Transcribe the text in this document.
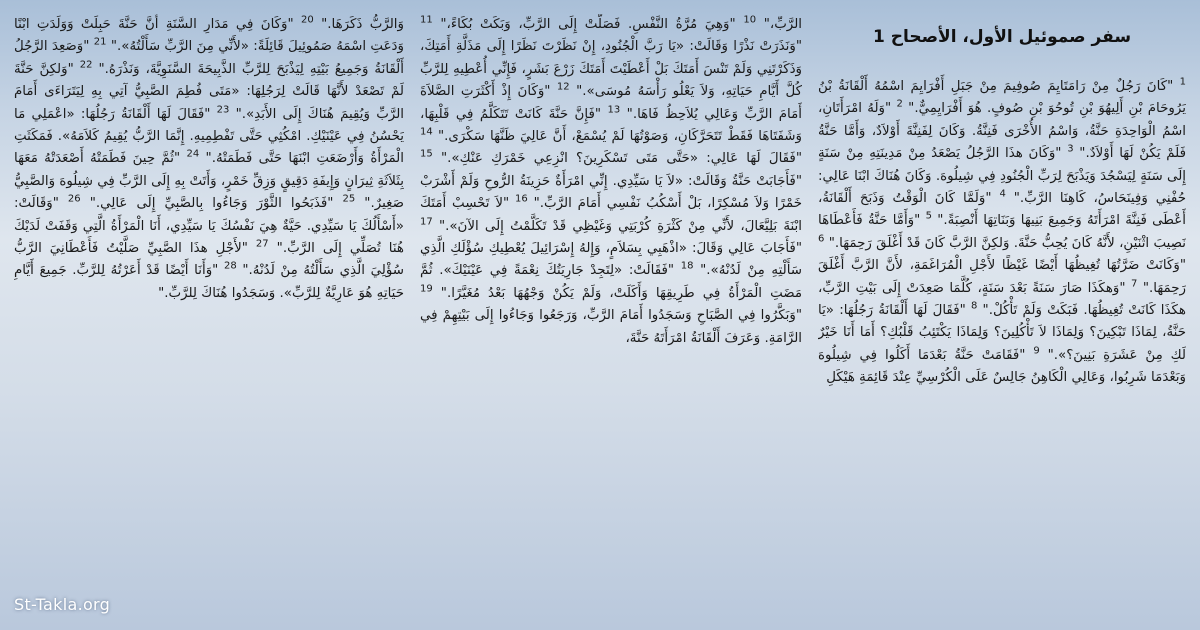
سفر صموئيل الأول، الأصحاح 1
$^1$ "كَانَ رَجُلٌ مِنْ رَامَتَايِمَ صُوفِيمَ مِنْ جَبَلِ أَفْرَايِمَ اسْمُهُ أَلْقَانَةُ بْنُ يَرُوحَامَ بْنِ أَلِيهُوَ بْنِ تُوحُوَ بْنِ صُوفٍ. هُوَ أَفْرَايِمِيٌّ." $^2$ "وَلَهُ امْرَأَتَانِ، اسْمُ الْوَاحِدَةِ حَنَّةُ، وَاسْمُ الأُخْرَى فَنِنَّةُ. وَكَانَ لِفَنِنَّةَ أَوْلاَدٌ، وَأَمَّا حَنَّةُ فَلَمْ يَكُنْ لَهَا أَوْلاَدٌ." $^3$ "وَكَانَ هذَا الرَّجُلُ يَصْعَدُ مِنْ مَدِينَتِهِ مِنْ سَنَةٍ إِلَى سَنَةٍ لِيَسْجُدَ وَيَذْبَحَ لِرَبِّ الْجُنُودِ فِي شِيلُوهَ. وَكَانَ هُنَاكَ ابْنَا عَالِي: حُفْنِي وَفِينَحَاسُ، كَاهِنَا الرَّبِّ." $^4$ "وَلَمَّا كَانَ الْوَقْتُ وَذَبَحَ أَلْقَانَةُ، أَعْطَى فَنِنَّةَ امْرَأَتَهُ وَجَمِيعَ بَنِيهَا وَبَنَاتِهَا أَنْصِبَةً." $^5$ "وَأَمَّا حَنَّةُ فَأَعْطَاهَا نَصِيبَ اثْنَيْنِ، لأَنَّهُ كَانَ يُحِبُّ حَنَّةَ. وَلكِنَّ الرَّبَّ كَانَ قَدْ أَغْلَقَ رَحِمَهَا." $^6$ "وَكَانَتْ ضَرَّتُهَا تُغِيظُهَا أَيْضًا غَيْظًا لأَجْلِ الْمُرَاغَمَةِ، لأَنَّ الرَّبَّ أَغْلَقَ رَحِمَهَا." $^7$ "وَهكَذَا صَارَ سَنَةً بَعْدَ سَنَةٍ، كُلَّمَا صَعِدَتْ إِلَى بَيْتِ الرَّبِّ، هكَذَا كَانَتْ تُغِيظُهَا. فَبَكَتْ وَلَمْ تَأْكُلْ." $^8$ "فَقَالَ لَهَا أَلْقَانَةُ رَجُلُهَا: «يَا حَنَّةُ، لِمَاذَا تَبْكِينَ؟ وَلِمَاذَا لاَ تَأْكُلِينَ؟ وَلِمَاذَا يَكْتَئِبُ قَلْبُكِ؟ أَمَا أَنَا خَيْرٌ لَكِ مِنْ عَشَرَةِ بَنِينَ؟»." $^9$ "فَقَامَتْ حَنَّةُ بَعْدَمَا أَكَلُوا فِي شِيلُوهَ وَبَعْدَمَا شَرِبُوا، وَعَالِي الْكَاهِنُ جَالِسٌ عَلَى الْكُرْسِيِّ عِنْدَ قَائِمَةِ هَيْكَلِ
الرَّبِّ،" $^{10}$ "وَهِيَ مُرَّةُ النَّفْسِ. فَصَلَّتْ إِلَى الرَّبِّ، وَبَكَتْ بُكَاءً،" $^{11}$ "وَنَذَرَتْ نَذْرًا وَقَالَتْ: «يَا رَبَّ الْجُنُودِ، إِنْ نَظَرْتَ نَظَرًا إِلَى مَذَلَّةِ أَمَتِكَ، وَذَكَرْتَنِي وَلَمْ تَنْسَ أَمَتَكَ بَلْ أَعْطَيْتَ أَمَتَكَ زَرْعَ بَشَرٍ، فَإِنِّي أُعْطِيهِ لِلرَّبِّ كُلَّ أَيَّامِ حَيَاتِهِ، وَلاَ يَعْلُو رَأْسَهُ مُوسَى»." $^{12}$ "وَكَانَ إِذْ أَكْثَرَتِ الصَّلاَةَ أَمَامَ الرَّبِّ وَعَالِي يُلاَحِظُ فَاهَا." $^{13}$ "فَإِنَّ حَنَّةَ كَانَتْ تَتَكَلَّمُ فِي قَلْبِهَا، وَشَفَتَاهَا فَقَطْ تَتَحَرَّكَانِ، وَصَوْتُهَا لَمْ يُسْمَعْ، أَنَّ عَالِيَ ظَنَّهَا سَكْرَى." $^{14}$ "فَقَالَ لَهَا عَالِي: «حَتَّى مَتَى تَسْكَرِينَ؟ انْزِعِي خَمْرَكِ عَنْكِ»." $^{15}$ "فَأَجَابَتْ حَنَّةُ وَقَالَتْ: «لاَ يَا سَيِّدِي. إِنِّي امْرَأَةٌ حَزِينَةُ الرُّوحِ وَلَمْ أَشْرَبْ خَمْرًا وَلاَ مُسْكِرًا، بَلْ أَسْكُبُ نَفْسِي أَمَامَ الرَّبِّ." $^{16}$ "لاَ تَحْسِبْ أَمَتَكَ ابْنَةَ بَلِيَّعَالَ، لأَنِّي مِنْ كَثْرَةِ كُرْبَتِي وَغَيْظِي قَدْ تَكَلَّمْتُ إِلَى الآنَ»." $^{17}$ "فَأَجَابَ عَالِي وَقَالَ: «اذْهَبِي بِسَلاَمٍ، وَإِلهُ إِسْرَائِيلَ يُعْطِيكِ سُؤْلَكِ الَّذِي سَأَلْتِهِ مِنْ لَدُنْهُ»." $^{18}$ "فَقَالَتْ: «لِتَجِدْ جَارِيَتُكَ نِعْمَةً فِي عَيْنَيْكَ». ثُمَّ مَضَتِ الْمَرْأَةُ فِي طَرِيقِهَا وَأَكَلَتْ، وَلَمْ يَكُنْ وَجْهُهَا بَعْدُ مُغَيَّرًا." $^{19}$ "وَبَكَّرُوا فِي الصَّبَاحِ وَسَجَدُوا أَمَامَ الرَّبِّ، وَرَجَعُوا وَجَاءُوا إِلَى بَيْتِهِمْ فِي الرَّامَةِ. وَعَرَفَ أَلْقَانَةُ امْرَأَتَهُ حَنَّةَ،
وَالرَّبُّ ذَكَرَهَا." $^{20}$ "وَكَانَ فِي مَدَارِ السَّنَةِ أَنَّ حَنَّةَ حَبِلَتْ وَوَلَدَتِ ابْنًا وَدَعَتِ اسْمَهُ صَمُوئِيلَ قَائِلَةً: «لأَنِّي مِنَ الرَّبِّ سَأَلْتُهُ»." $^{21}$ "وَصَعِدَ الرَّجُلُ أَلْقَانَةُ وَجَمِيعُ بَيْتِهِ لِيَذْبَحَ لِلرَّبِّ الذَّبِيحَةَ السَّنَوِيَّةَ، وَنَذْرَهُ." $^{22}$ "وَلكِنَّ حَنَّةَ لَمْ تَصْعَدْ لأَنَّهَا قَالَتْ لِرَجُلِهَا: «مَتَى فُطِمَ الصَّبِيُّ آتِي بِهِ لِيَتَرَاءَى أَمَامَ الرَّبِّ وَيُقِيمَ هُنَاكَ إِلَى الأَبَدِ»." $^{23}$ "فَقَالَ لَهَا أَلْقَانَةُ رَجُلُهَا: «اعْمَلِي مَا يَحْسُنُ فِي عَيْنَيْكِ. امْكُثِي حَتَّى تَفْطِمِيهِ. إِنَّمَا الرَّبُّ يُقِيمُ كَلاَمَهُ». فَمَكَثَتِ الْمَرْأَةُ وَأَرْضَعَتِ ابْنَهَا حَتَّى فَطَمَتْهُ." $^{24}$ "ثُمَّ حِينَ فَطَمَتْهُ أَصْعَدَتْهُ مَعَهَا بِثَلاَثَةِ ثِيرَانٍ وَإِيفَةِ دَقِيقٍ وَزِقِّ خَمْرٍ، وَأَتَتْ بِهِ إِلَى الرَّبِّ فِي شِيلُوهَ وَالصَّبِيُّ صَغِيرٌ." $^{25}$ "فَذَبَحُوا الثَّوْرَ وَجَاءُوا بِالصَّبِيِّ إِلَى عَالِي." $^{26}$ "وَقَالَتْ: «أَسْأَلُكَ يَا سَيِّدِي. حَيَّةٌ هِيَ نَفْسُكَ يَا سَيِّدِي، أَنَا الْمَرْأَةُ الَّتِي وَقَفَتْ لَدَيْكَ هُنَا تُصَلِّي إِلَى الرَّبِّ." $^{27}$ "لأَجْلِ هذَا الصَّبِيِّ صَلَّيْتُ فَأَعْطَانِيَ الرَّبُّ سُؤْلِيَ الَّذِي سَأَلْتُهُ مِنْ لَدُنْهُ." $^{28}$ "وَأَنَا أَيْضًا قَدْ أَعَرْتُهُ لِلرَّبِّ. جَمِيعَ أَيَّامِ حَيَاتِهِ هُوَ عَارِيَّةٌ لِلرَّبِّ». وَسَجَدُوا هُنَاكَ لِلرَّبِّ."
St-Takla.org
